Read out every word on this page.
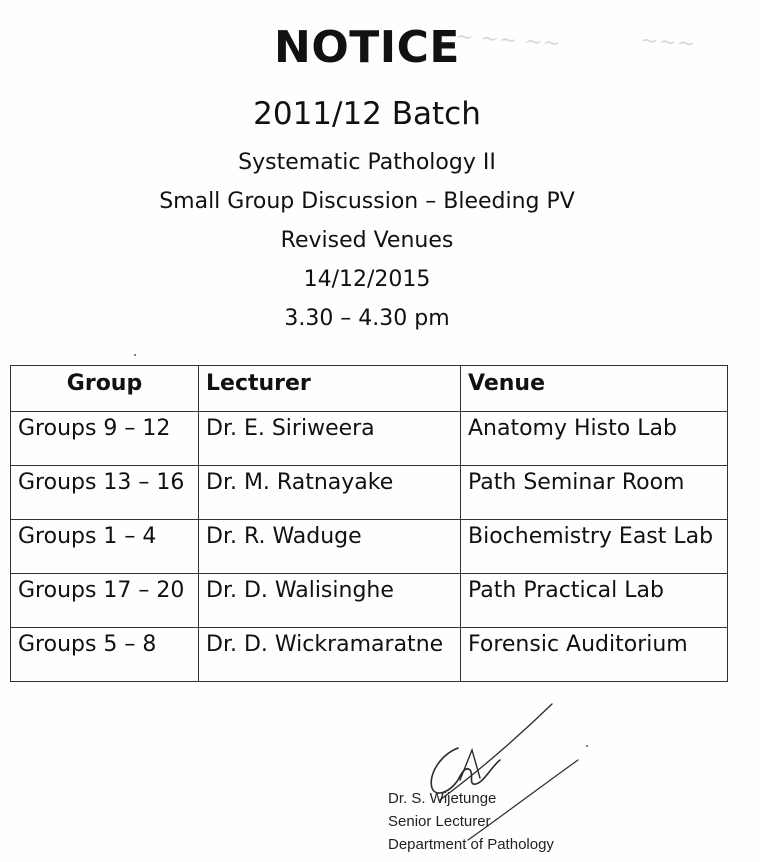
~ ~~ ~~	~~~
NOTICE
2011/12 Batch
Systematic Pathology II
Small Group Discussion – Bleeding PV
Revised Venues
14/12/2015
3.30 – 4.30 pm
Group	Lecturer	Venue
Groups 9 – 12	Dr. E. Siriweera	Anatomy Histo Lab
Groups 13 – 16	Dr. M. Ratnayake	Path Seminar Room
Groups 1 – 4	Dr. R. Waduge	Biochemistry East Lab
Groups 17 – 20	Dr. D. Walisinghe	Path Practical Lab
Groups 5 – 8	Dr. D. Wickramaratne	Forensic Auditorium
Dr. S. Wijetunge
Senior Lecturer
Department of Pathology
